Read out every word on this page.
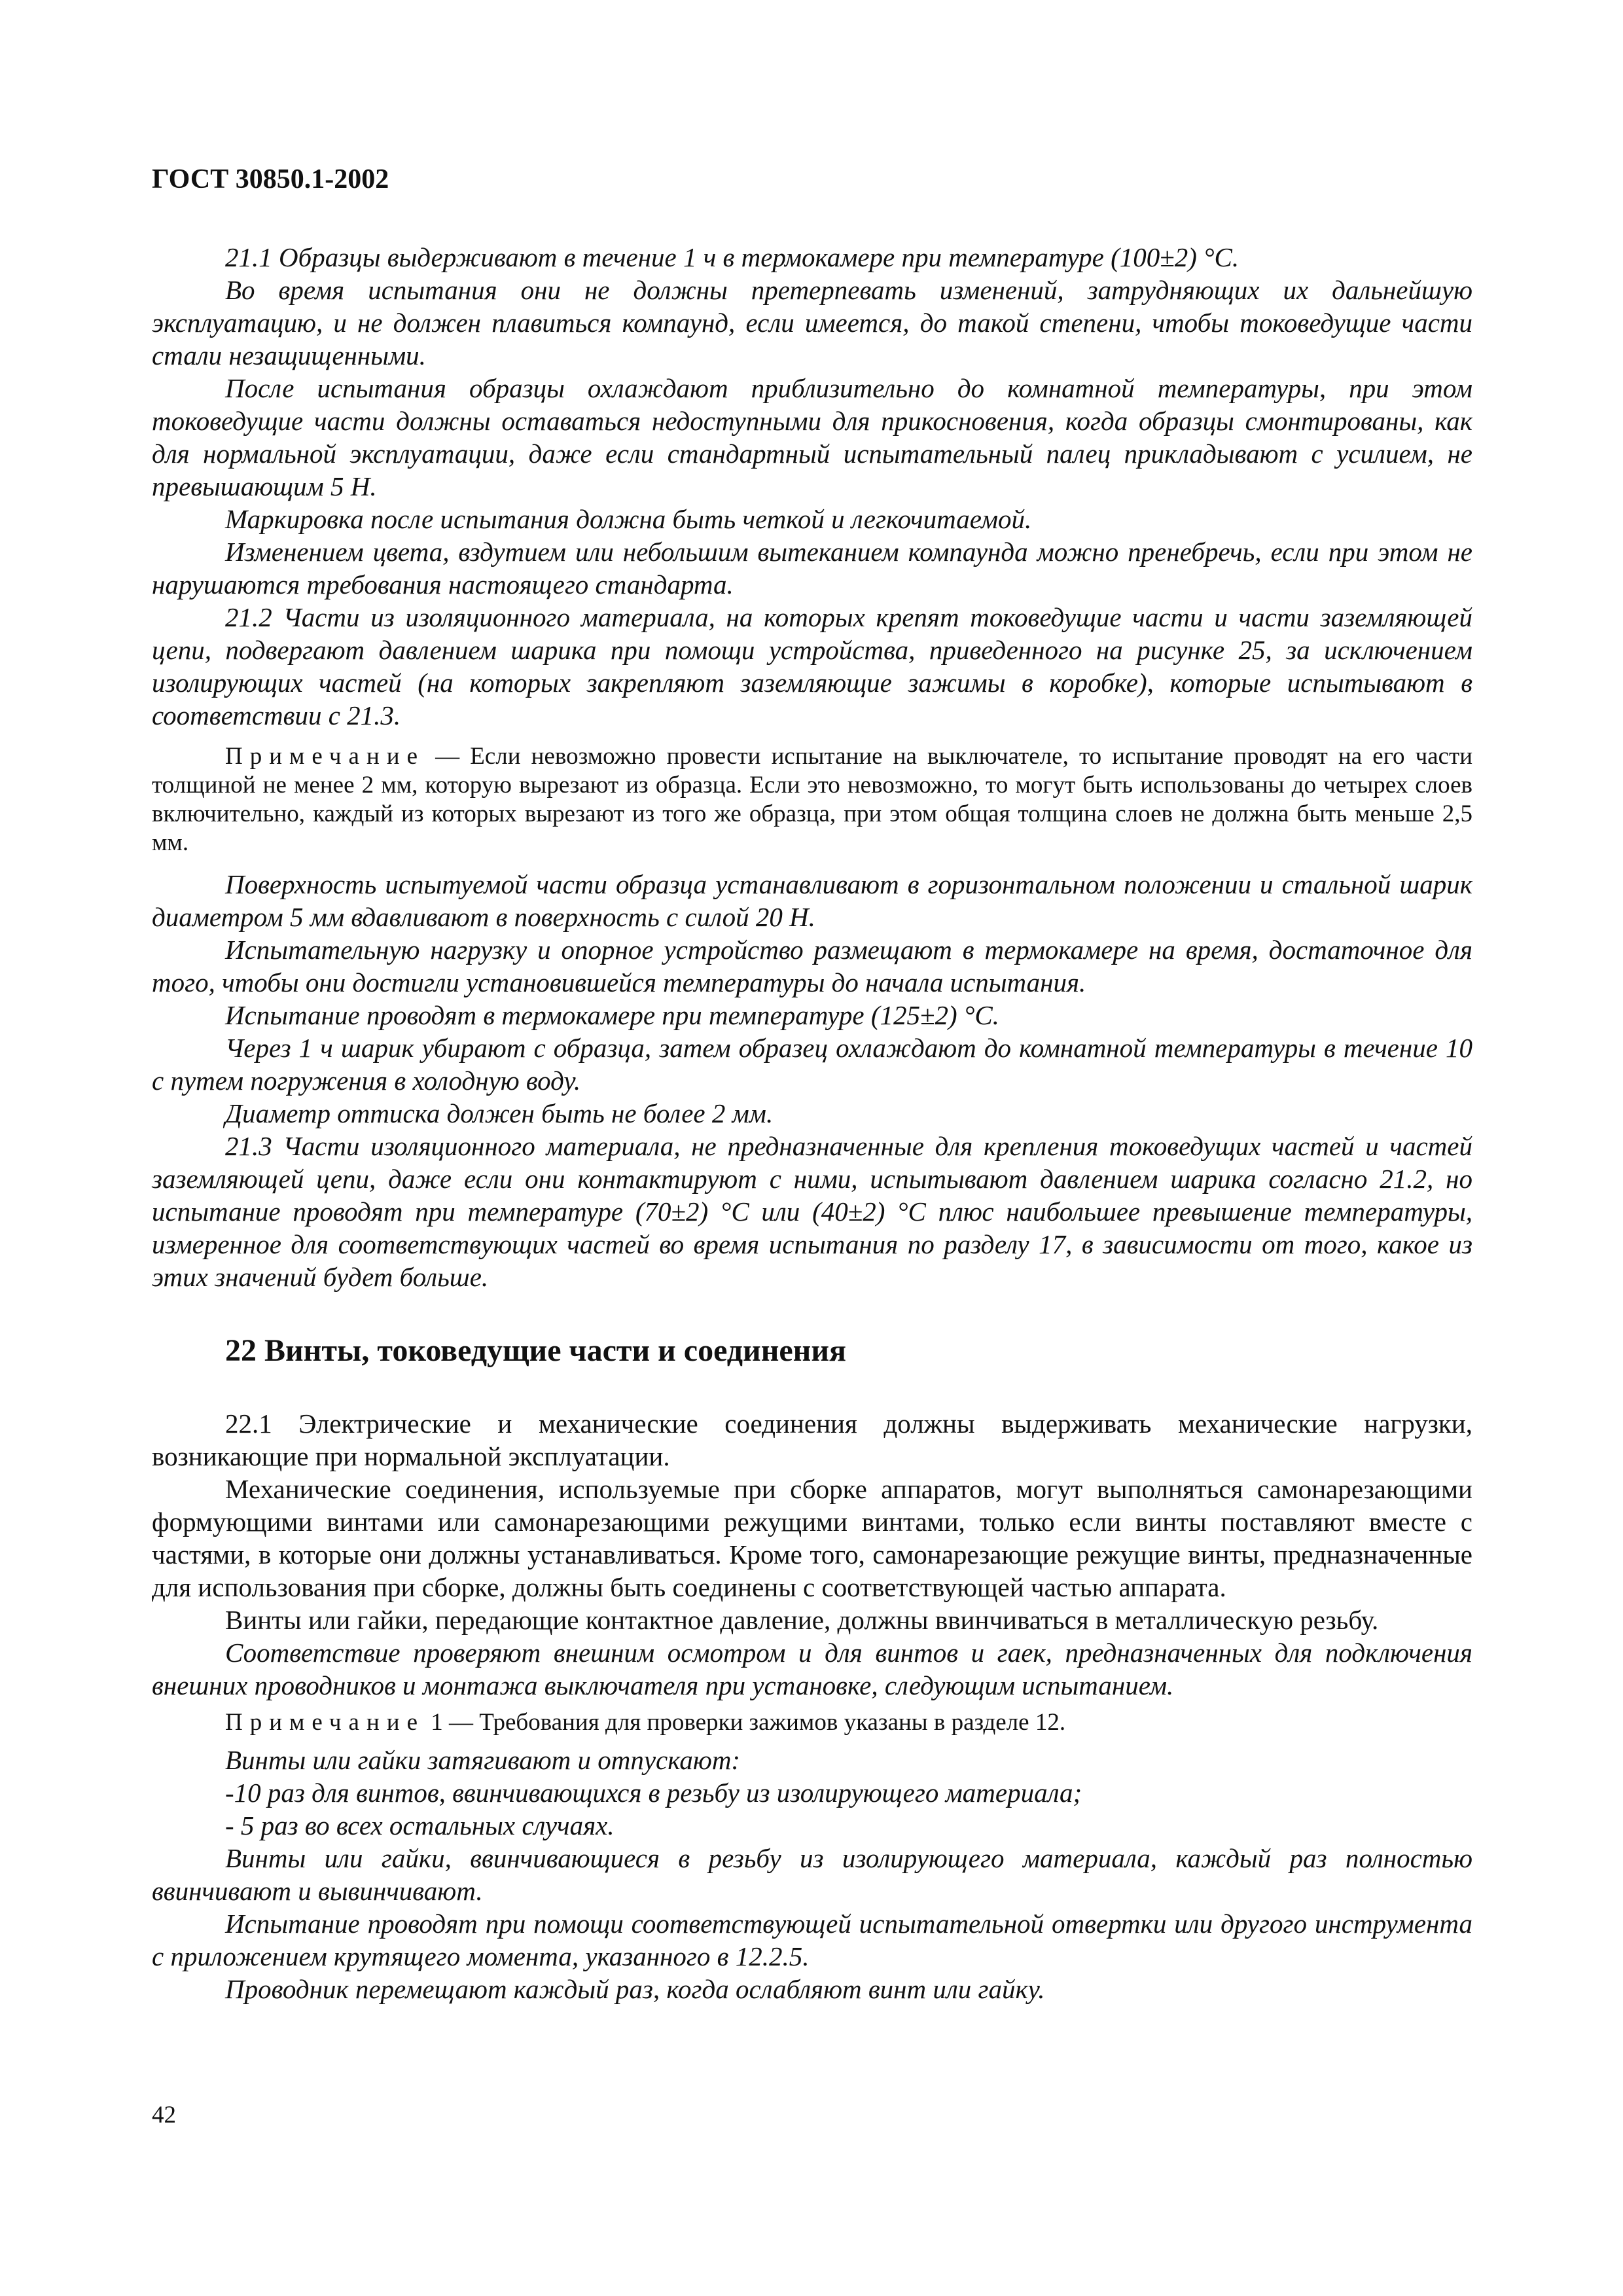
ГОСТ 30850.1-2002

21.1 Образцы выдерживают в течение 1 ч в термокамере при температуре (100±2) °С.

Во время испытания они не должны претерпевать изменений, затрудняющих их дальнейшую эксплуатацию, и не должен плавиться компаунд, если имеется, до такой степени, чтобы токоведущие части стали незащищенными.

После испытания образцы охлаждают приблизительно до комнатной температуры, при этом токоведущие части должны оставаться недоступными для прикосновения, когда образцы смонтированы, как для нормальной эксплуатации, даже если стандартный испытательный палец прикладывают с усилием, не превышающим 5 Н.

Маркировка после испытания должна быть четкой и легкочитаемой.

Изменением цвета, вздутием или небольшим вытеканием компаунда можно пренебречь, если при этом не нарушаются требования настоящего стандарта.

21.2 Части из изоляционного материала, на которых крепят токоведущие части и части заземляющей цепи, подвергают давлением шарика при помощи устройства, приведенного на рисунке 25, за исключением изолирующих частей (на которых закрепляют заземляющие зажимы в коробке), которые испытывают в соответствии с 21.3.

Примечание — Если невозможно провести испытание на выключателе, то испытание проводят на его части толщиной не менее 2 мм, которую вырезают из образца. Если это невозможно, то могут быть использованы до четырех слоев включительно, каждый из которых вырезают из того же образца, при этом общая толщина слоев не должна быть меньше 2,5 мм.

Поверхность испытуемой части образца устанавливают в горизонтальном положении и стальной шарик диаметром 5 мм вдавливают в поверхность с силой 20 Н.

Испытательную нагрузку и опорное устройство размещают в термокамере на время, достаточное для того, чтобы они достигли установившейся температуры до начала испытания.

Испытание проводят в термокамере при температуре (125±2) °С.

Через 1 ч шарик убирают с образца, затем образец охлаждают до комнатной температуры в течение 10 с путем погружения в холодную воду.

Диаметр оттиска должен быть не более 2 мм.

21.3 Части изоляционного материала, не предназначенные для крепления токоведущих частей и частей заземляющей цепи, даже если они контактируют с ними, испытывают давлением шарика согласно 21.2, но испытание проводят при температуре (70±2) °С или (40±2) °С плюс наибольшее превышение температуры, измеренное для соответствующих частей во время испытания по разделу 17, в зависимости от того, какое из этих значений будет больше.

22 Винты, токоведущие части и соединения

22.1 Электрические и механические соединения должны выдерживать механические нагрузки, возникающие при нормальной эксплуатации.

Механические соединения, используемые при сборке аппаратов, могут выполняться самонарезающими формующими винтами или самонарезающими режущими винтами, только если винты поставляют вместе с частями, в которые они должны устанавливаться. Кроме того, самонарезающие режущие винты, предназначенные для использования при сборке, должны быть соединены с соответствующей частью аппарата.

Винты или гайки, передающие контактное давление, должны ввинчиваться в металлическую резьбу.

Соответствие проверяют внешним осмотром и для винтов и гаек, предназначенных для подключения внешних проводников и монтажа выключателя при установке, следующим испытанием.

Примечание 1 — Требования для проверки зажимов указаны в разделе 12.

Винты или гайки затягивают и отпускают:

-10 раз для винтов, ввинчивающихся в резьбу из изолирующего материала;

- 5 раз во всех остальных случаях.

Винты или гайки, ввинчивающиеся в резьбу из изолирующего материала, каждый раз полностью ввинчивают и вывинчивают.

Испытание проводят при помощи соответствующей испытательной отвертки или другого инструмента с приложением крутящего момента, указанного в 12.2.5.

Проводник перемещают каждый раз, когда ослабляют винт или гайку.

42
